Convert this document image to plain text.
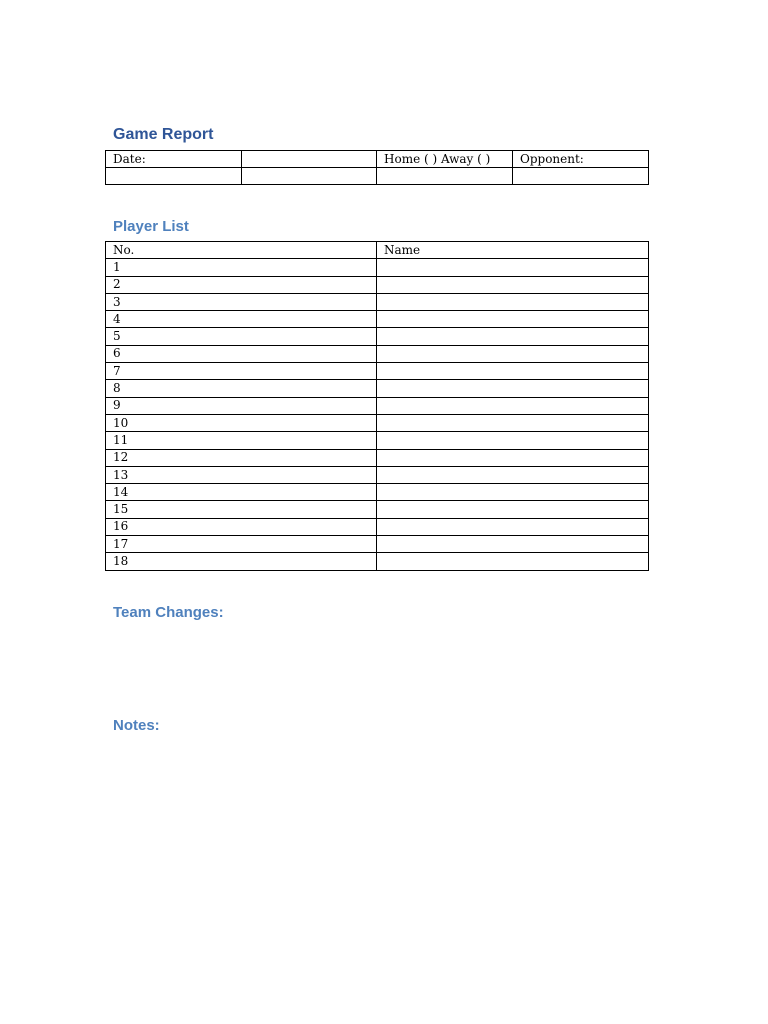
Game Report
Date:		Home ( ) Away ( )	Opponent:

Player List
No.	Name
1	
2	
3	
4	
5	
6	
7	
8	
9	
10	
11	
12	
13	
14	
15	
16	
17	
18	
Team Changes:
Notes:
